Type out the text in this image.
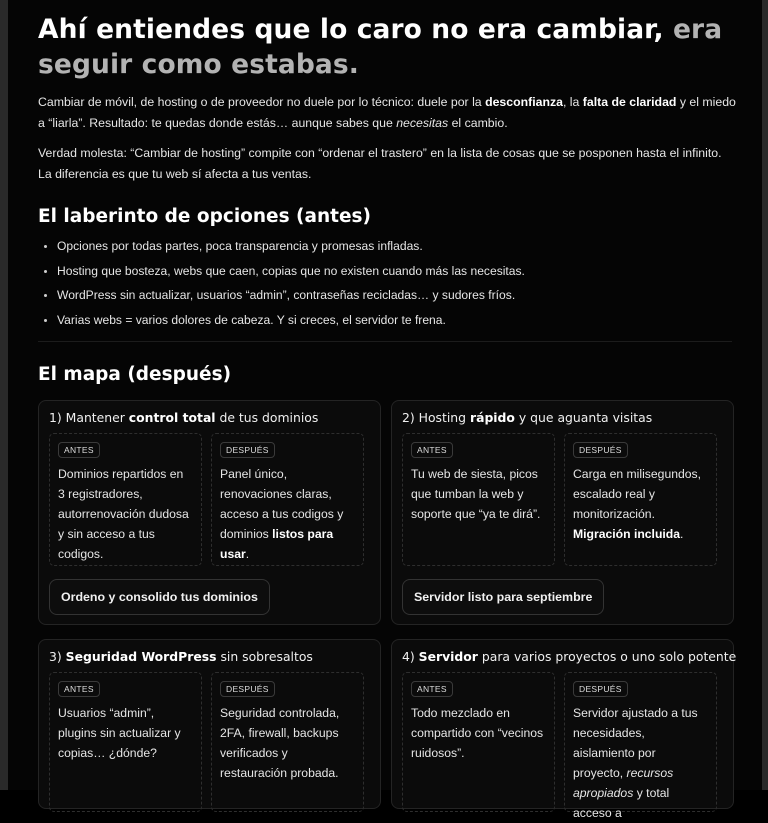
Ahí entiendes que lo caro no era cambiar, era seguir como estabas.

Cambiar de móvil, de hosting o de proveedor no duele por lo técnico: duele por la desconfianza, la falta de claridad y el miedo a “liarla”. Resultado: te quedas donde estás… aunque sabes que necesitas el cambio.

Verdad molesta: “Cambiar de hosting” compite con “ordenar el trastero” en la lista de cosas que se posponen hasta el infinito. La diferencia es que tu web sí afecta a tus ventas.

El laberinto de opciones (antes)
Opciones por todas partes, poca transparencia y promesas infladas.
Hosting que bosteza, webs que caen, copias que no existen cuando más las necesitas.
WordPress sin actualizar, usuarios “admin”, contraseñas recicladas… y sudores fríos.
Varias webs = varios dolores de cabeza. Y si creces, el servidor te frena.
El mapa (después)
1) Mantener control total de tus dominios
ANTES
Dominios repartidos en 3 registradores, autorrenovación dudosa y sin acceso a tus codigos.
DESPUÉS
Panel único, renovaciones claras, acceso a tus codigos y dominios listos para usar.
Ordeno y consolido tus dominios
2) Hosting rápido y que aguanta visitas
ANTES
Tu web de siesta, picos que tumban la web y soporte que “ya te dirá”.
DESPUÉS
Carga en milisegundos, escalado real y monitorización. Migración incluida.
Servidor listo para septiembre
3) Seguridad WordPress sin sobresaltos
ANTES
Usuarios “admin”, plugins sin actualizar y copias… ¿dónde?
DESPUÉS
Seguridad controlada, 2FA, firewall, backups verificados y restauración probada.
4) Servidor para varios proyectos o uno solo potente
ANTES
Todo mezclado en compartido con “vecinos ruidosos”.
DESPUÉS
Servidor ajustado a tus necesidades, aislamiento por proyecto, recursos apropiados y total acceso a
